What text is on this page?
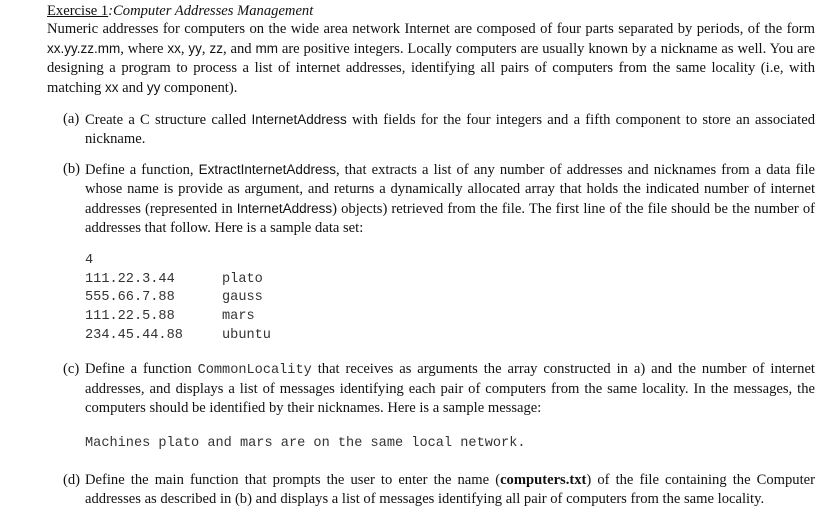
Exercise 1:Computer Addresses Management
Numeric addresses for computers on the wide area network Internet are composed of four parts separated by periods, of the form xx.yy.zz.mm, where xx, yy, zz, and mm are positive integers. Locally computers are usually known by a nickname as well. You are designing a program to process a list of internet addresses, identifying all pairs of computers from the same locality (i.e, with matching xx and yy component).
(a) Create a C structure called InternetAddress with fields for the four integers and a fifth component to store an associated nickname.
(b) Define a function, ExtractInternetAddress, that extracts a list of any number of addresses and nicknames from a data file whose name is provide as argument, and returns a dynamically allocated array that holds the indicated number of internet addresses (represented in InternetAddress) objects) retrieved from the file. The first line of the file should be the number of addresses that follow. Here is a sample data set:
4
111.22.3.44	plato
555.66.7.88	gauss
111.22.5.88	mars
234.45.44.88	ubuntu
(c) Define a function CommonLocality that receives as arguments the array constructed in a) and the number of internet addresses, and displays a list of messages identifying each pair of computers from the same locality. In the messages, the computers should be identified by their nicknames. Here is a sample message:
Machines plato and mars are on the same local network.
(d) Define the main function that prompts the user to enter the name (computers.txt) of the file containing the Computer addresses as described in (b) and displays a list of messages identifying all pair of computers from the same locality.
